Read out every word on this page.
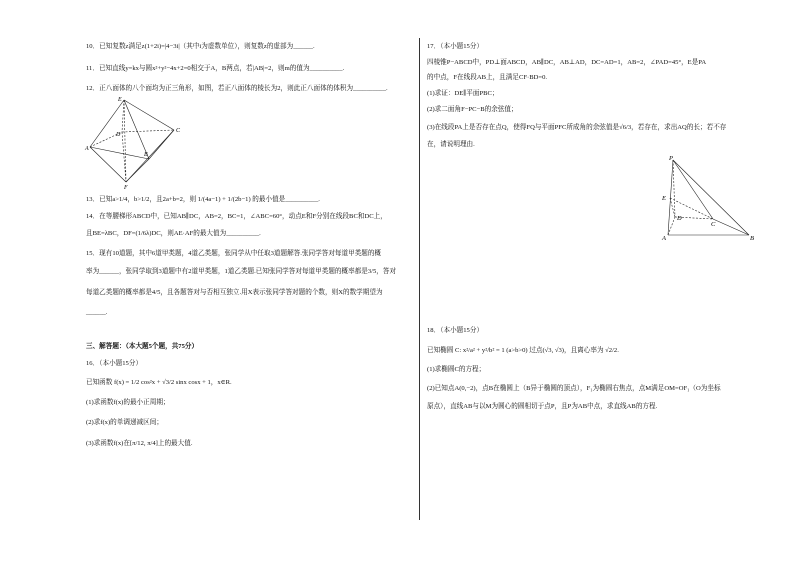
10．已知复数z满足z(1+2i)=|4−3i|（其中i为虚数单位），则复数z的虚部为______.
11．已知直线y=kx与圆x²+y²−4x+2=0相交于A，B两点，若|AB|=2，则m的值为__________.
12．正八面体的八个面均为正三角形，如图，若正八面体的棱长为2，则此正八面体的体积为__________.
A
B
C
D
E
F
13．已知a>1/4，b>1/2，且2a+b=2，则 1/(4a−1) + 1/(2b−1) 的最小值是__________.
14．在等腰梯形ABCD中，已知AB∥DC，AB=2，BC=1，∠ABC=60°，动点E和F分别在线段BC和DC上，
且BE=λBC，DF=(1/6λ)DC，则AE·AF的最大值为__________.
15．现有10道题，其中6道甲类题，4道乙类题，张同学从中任取3道题解答.张同学答对每道甲类题的概
率为______，张同学取到3道题中有2道甲类题，1道乙类题.已知张同学答对每道甲类题的概率都是3/5，答对
每道乙类题的概率都是4/5，且各题答对与否相互独立.用X表示张同学答对题的个数，则X的数学期望为
______.
三、解答题：（本大题5个题，共75分）
16．（本小题15分）
已知函数 f(x) = 1/2 cos²x + √3/2 sinx cosx + 1，x∈R.
(1)求函数f(x)的最小正周期；
(2)求f(x)的单调递减区间；
(3)求函数f(x)在[π/12, π/4]上的最大值.
17．（本小题15分）
四棱锥P−ABCD中，PD⊥面ABCD，AB∥DC，AB⊥AD，DC=AD=1，AB=2，∠PAD=45°，E是PA
的中点，F在线段AB上，且满足CF·BD=0.
(1)求证：DE∥平面PBC；
(2)求二面角F−PC−B的余弦值；
(3)在线段PA上是否存在点Q，使得FQ与平面PFC所成角的余弦值是√6/3，若存在，求出AQ的长；若不存
在，请说明理由.
P
E
D
C
A	B
18．（本小题15分）
已知椭圆 C: x²/a² + y²/b² = 1 (a>b>0) 过点(√3, √3)，且离心率为 √2/2.
(1)求椭圆C的方程；
(2)已知点A(0,−2)，点B在椭圆上（B异于椭圆的顶点），F₁为椭圆右焦点，点M满足OM=OF₁（O为坐标
原点），直线AB与以M为圆心的圆相切于点P，且P为AB中点，求直线AB的方程.
